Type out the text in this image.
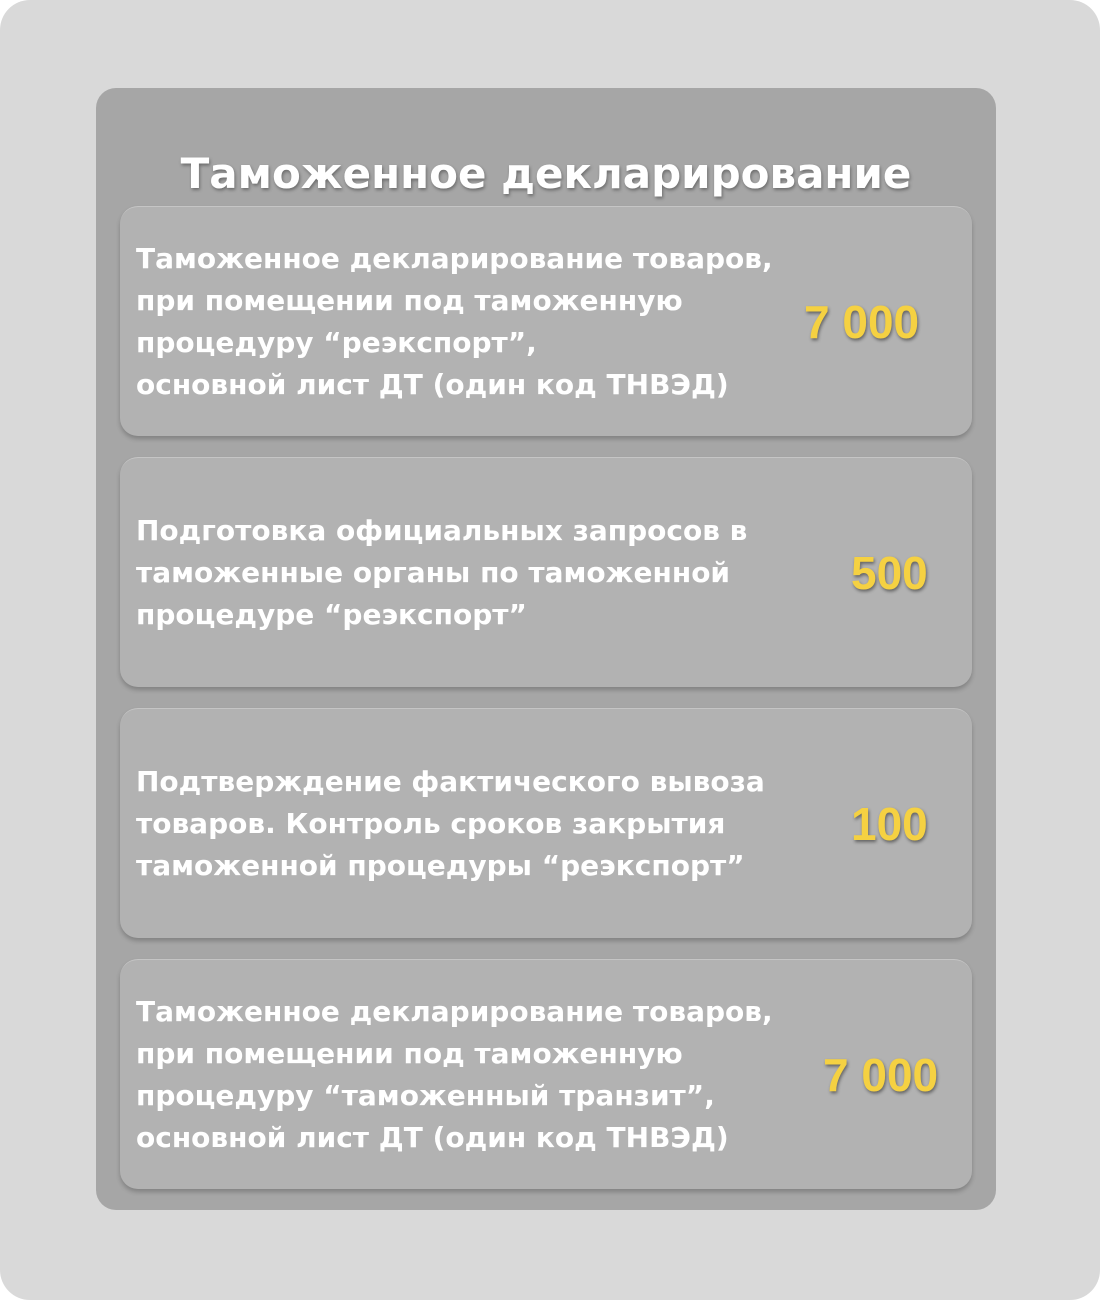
Таможенное декларирование
Таможенное декларирование товаров,
при помещении под таможенную
процедуру “реэкспорт”,
основной лист ДТ (один код ТНВЭД)
7 000
Подготовка официальных запросов в
таможенные органы по таможенной
процедуре “реэкспорт”
500
Подтверждение фактического вывоза
товаров. Контроль сроков закрытия
таможенной процедуры “реэкспорт”
100
Таможенное декларирование товаров,
при помещении под таможенную
процедуру “таможенный транзит”,
основной лист ДТ (один код ТНВЭД)
7 000
